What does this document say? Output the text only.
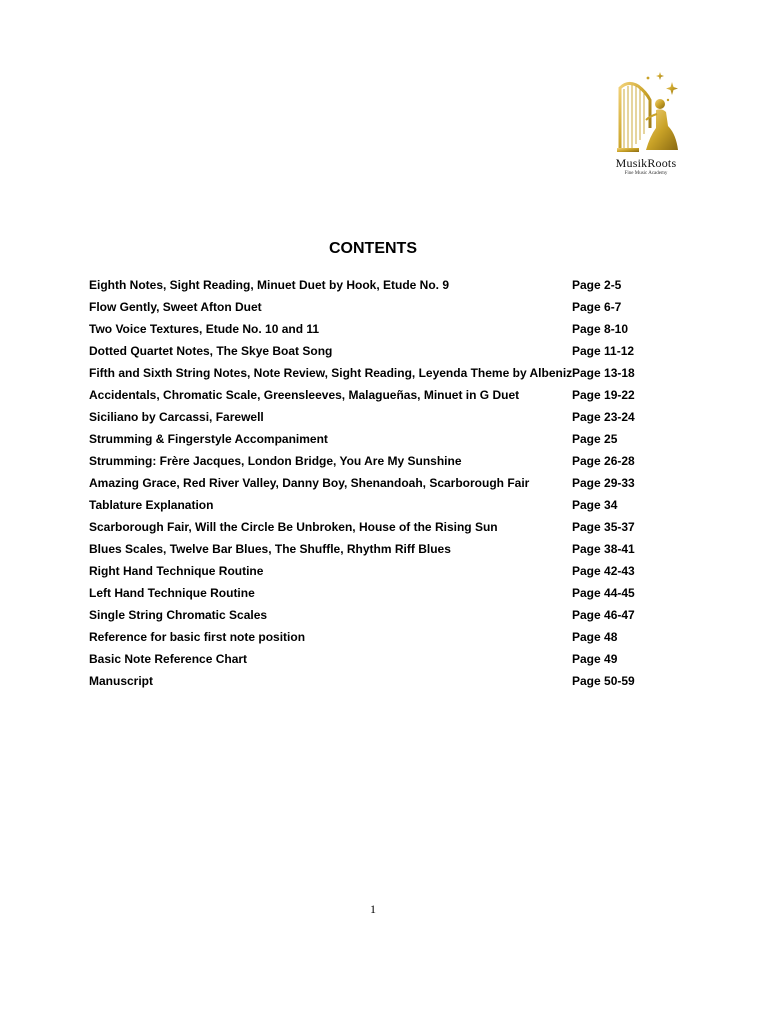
MusikRoots
Fine Music Academy
CONTENTS
Eighth Notes, Sight Reading, Minuet Duet by Hook, Etude No. 9	Page 2-5
Flow Gently, Sweet Afton Duet	Page 6-7
Two Voice Textures, Etude No. 10 and 11	Page 8-10
Dotted Quartet Notes, The Skye Boat Song	Page 11-12
Fifth and Sixth String Notes, Note Review, Sight Reading, Leyenda Theme by Albeniz Page 13-18
Accidentals, Chromatic Scale, Greensleeves, Malagueñas, Minuet in G Duet	Page 19-22
Siciliano by Carcassi, Farewell	Page 23-24
Strumming & Fingerstyle Accompaniment	Page 25
Strumming: Frère Jacques, London Bridge, You Are My Sunshine	Page 26-28
Amazing Grace, Red River Valley, Danny Boy, Shenandoah, Scarborough Fair	Page 29-33
Tablature Explanation	Page 34
Scarborough Fair, Will the Circle Be Unbroken, House of the Rising Sun	Page 35-37
Blues Scales, Twelve Bar Blues, The Shuffle, Rhythm Riff Blues	Page 38-41
Right Hand Technique Routine	Page 42-43
Left Hand Technique Routine	Page 44-45
Single String Chromatic Scales	Page 46-47
Reference for basic first note position	Page 48
Basic Note Reference Chart	Page 49
Manuscript	Page 50-59
1
